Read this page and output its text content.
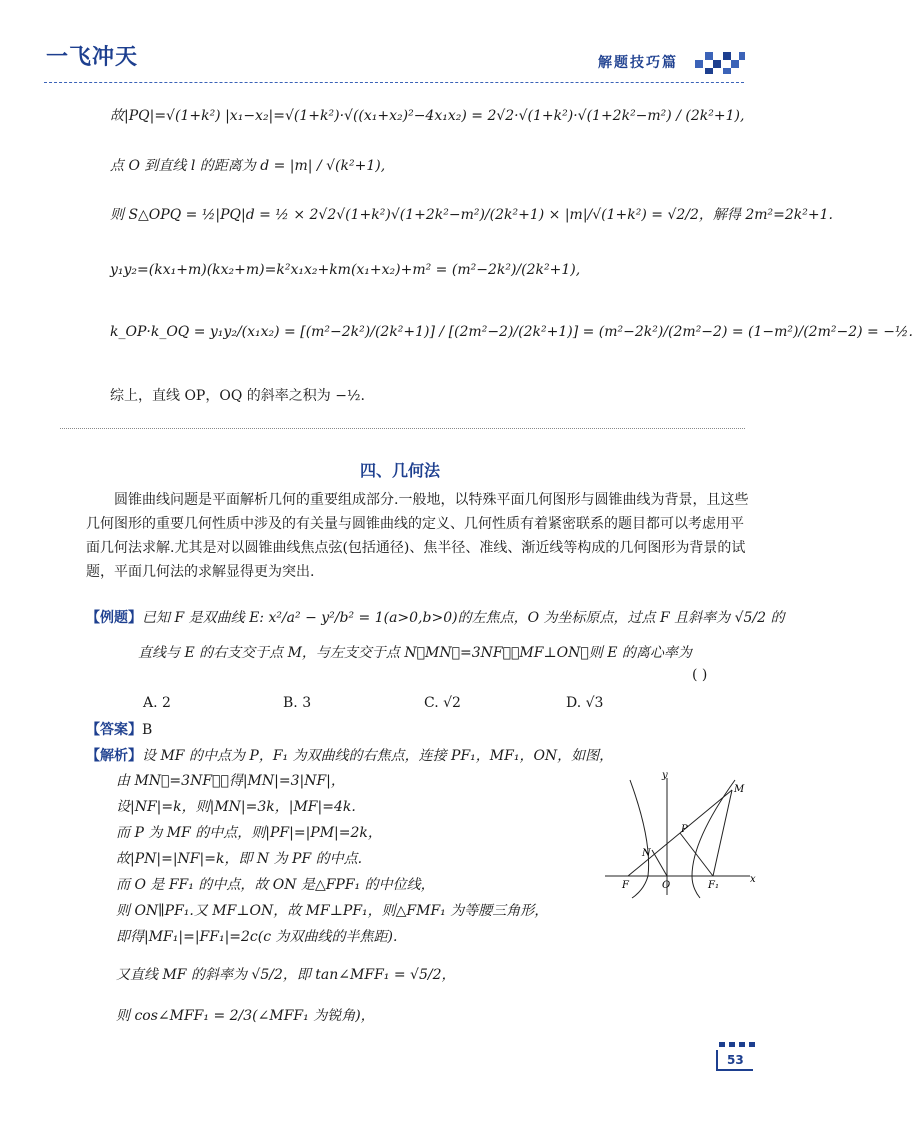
一飞冲天	解题技巧篇
故|PQ|=√(1+k²) |x₁−x₂|=√(1+k²)·√((x₁+x₂)²−4x₁x₂) = 2√2·√(1+k²)·√(1+2k²−m²) / (2k²+1),
点 O 到直线 l 的距离为 d = |m| / √(k²+1),
则 S△OPQ = ½|PQ|d = ½ × 2√2√(1+k²)√(1+2k²−m²)/(2k²+1) × |m|/√(1+k²) = √2/2，解得 2m²=2k²+1.
y₁y₂=(kx₁+m)(kx₂+m)=k²x₁x₂+km(x₁+x₂)+m² = (m²−2k²)/(2k²+1),
k_OP·k_OQ = y₁y₂/(x₁x₂) = [(m²−2k²)/(2k²+1)] / [(2m²−2)/(2k²+1)] = (m²−2k²)/(2m²−2) = (1−m²)/(2m²−2) = −½.
综上，直线 OP，OQ 的斜率之积为 −½.
四、几何法
圆锥曲线问题是平面解析几何的重要组成部分.一般地，以特殊平面几何图形与圆锥曲线为背景，且这些几何图形的重要几何性质中涉及的有关量与圆锥曲线的定义、几何性质有着紧密联系的题目都可以考虑用平面几何法求解.尤其是对以圆锥曲线焦点弦(包括通径)、焦半径、准线、渐近线等构成的几何图形为背景的试题，平面几何法的求解显得更为突出.
【例题】已知 F 是双曲线 E: x²/a² − y²/b² = 1(a>0,b>0)的左焦点，O 为坐标原点，过点 F 且斜率为 √5/2 的
直线与 E 的右支交于点 M，与左支交于点 N，MN⃗=3NF⃗，MF⊥ON，则 E 的离心率为
( )
A. 2	B. 3	C. √2	D. √3
【答案】B
【解析】设 MF 的中点为 P，F₁ 为双曲线的右焦点，连接 PF₁，MF₁，ON，如图，
由 MN⃗=3NF⃗，得|MN|=3|NF|，
设|NF|=k，则|MN|=3k，|MF|=4k.
而 P 为 MF 的中点，则|PF|=|PM|=2k，
故|PN|=|NF|=k，即 N 为 PF 的中点.
而 O 是 FF₁ 的中点，故 ON 是△FPF₁ 的中位线，
则 ON∥PF₁.又 MF⊥ON，故 MF⊥PF₁，则△FMF₁ 为等腰三角形，
即得|MF₁|=|FF₁|=2c(c 为双曲线的半焦距).
又直线 MF 的斜率为 √5/2，即 tan∠MFF₁ = √5/2，
则 cos∠MFF₁ = 2/3(∠MFF₁ 为锐角)，
y
x
M
P
N
F	O	F₁
53
